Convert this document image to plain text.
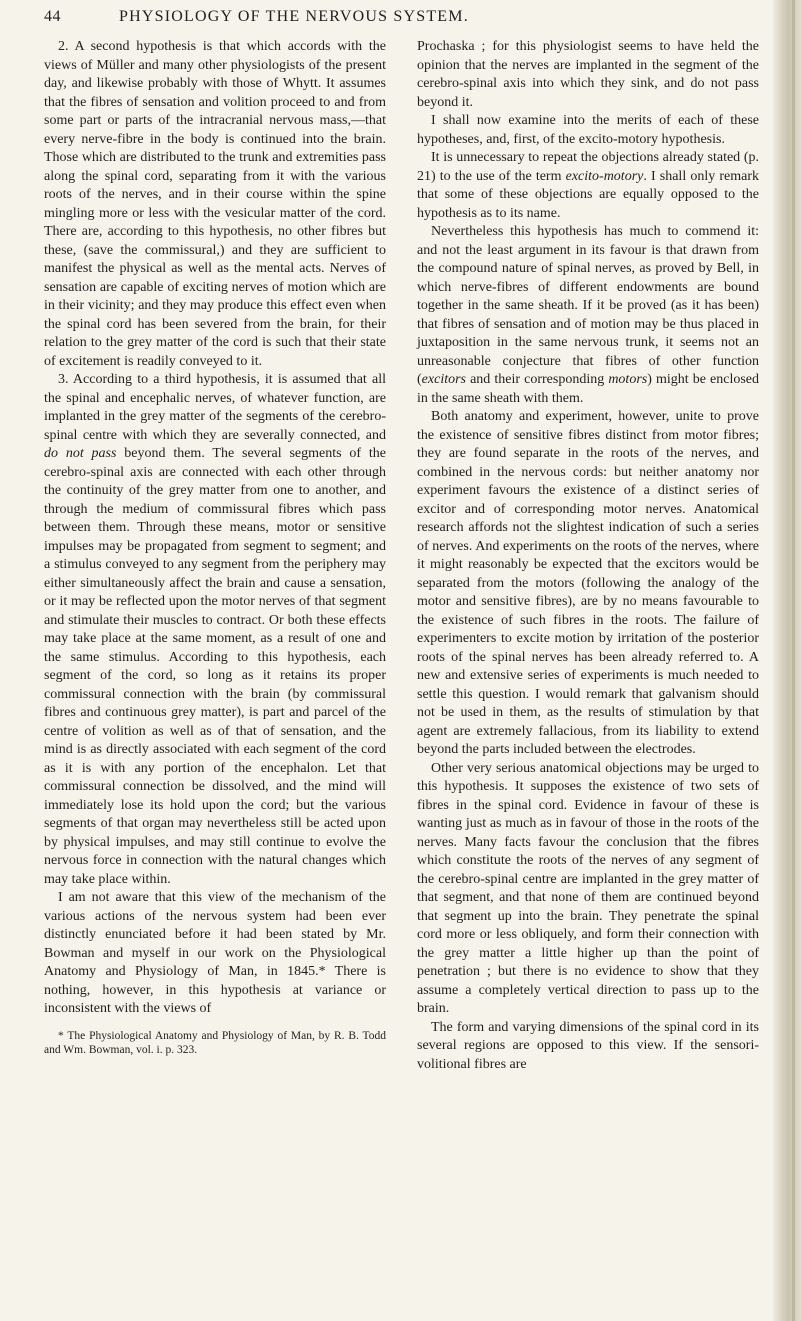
44	PHYSIOLOGY OF THE NERVOUS SYSTEM.

2. A second hypothesis is that which accords with the views of Müller and many other physiologists of the present day, and likewise probably with those of Whytt. It assumes that the fibres of sensation and volition proceed to and from some part or parts of the intracranial nervous mass,—that every nerve-fibre in the body is continued into the brain. Those which are distributed to the trunk and extremities pass along the spinal cord, separating from it with the various roots of the nerves, and in their course within the spine mingling more or less with the vesicular matter of the cord. There are, according to this hypothesis, no other fibres but these, (save the commissural,) and they are sufficient to manifest the physical as well as the mental acts. Nerves of sensation are capable of exciting nerves of motion which are in their vicinity; and they may produce this effect even when the spinal cord has been severed from the brain, for their relation to the grey matter of the cord is such that their state of excitement is readily conveyed to it.

3. According to a third hypothesis, it is assumed that all the spinal and encephalic nerves, of whatever function, are implanted in the grey matter of the segments of the cerebro-spinal centre with which they are severally connected, and do not pass beyond them. The several segments of the cerebro-spinal axis are connected with each other through the continuity of the grey matter from one to another, and through the medium of commissural fibres which pass between them. Through these means, motor or sensitive impulses may be propagated from segment to segment; and a stimulus conveyed to any segment from the periphery may either simultaneously affect the brain and cause a sensation, or it may be reflected upon the motor nerves of that segment and stimulate their muscles to contract. Or both these effects may take place at the same moment, as a result of one and the same stimulus. According to this hypothesis, each segment of the cord, so long as it retains its proper commissural connection with the brain (by commissural fibres and continuous grey matter), is part and parcel of the centre of volition as well as of that of sensation, and the mind is as directly associated with each segment of the cord as it is with any portion of the encephalon. Let that commissural connection be dissolved, and the mind will immediately lose its hold upon the cord; but the various segments of that organ may nevertheless still be acted upon by physical impulses, and may still continue to evolve the nervous force in connection with the natural changes which may take place within.

I am not aware that this view of the mechanism of the various actions of the nervous system had been ever distinctly enunciated before it had been stated by Mr. Bowman and myself in our work on the Physiological Anatomy and Physiology of Man, in 1845.* There is nothing, however, in this hypothesis at variance or inconsistent with the views of

* The Physiological Anatomy and Physiology of Man, by R. B. Todd and Wm. Bowman, vol. i. p. 323.

Prochaska ; for this physiologist seems to have held the opinion that the nerves are implanted in the segment of the cerebro-spinal axis into which they sink, and do not pass beyond it.

I shall now examine into the merits of each of these hypotheses, and, first, of the excito-motory hypothesis.

It is unnecessary to repeat the objections already stated (p. 21) to the use of the term excito-motory. I shall only remark that some of these objections are equally opposed to the hypothesis as to its name.

Nevertheless this hypothesis has much to commend it: and not the least argument in its favour is that drawn from the compound nature of spinal nerves, as proved by Bell, in which nerve-fibres of different endowments are bound together in the same sheath. If it be proved (as it has been) that fibres of sensation and of motion may be thus placed in juxtaposition in the same nervous trunk, it seems not an unreasonable conjecture that fibres of other function (excitors and their corresponding motors) might be enclosed in the same sheath with them.

Both anatomy and experiment, however, unite to prove the existence of sensitive fibres distinct from motor fibres; they are found separate in the roots of the nerves, and combined in the nervous cords: but neither anatomy nor experiment favours the existence of a distinct series of excitor and of corresponding motor nerves. Anatomical research affords not the slightest indication of such a series of nerves. And experiments on the roots of the nerves, where it might reasonably be expected that the excitors would be separated from the motors (following the analogy of the motor and sensitive fibres), are by no means favourable to the existence of such fibres in the roots. The failure of experimenters to excite motion by irritation of the posterior roots of the spinal nerves has been already referred to. A new and extensive series of experiments is much needed to settle this question. I would remark that galvanism should not be used in them, as the results of stimulation by that agent are extremely fallacious, from its liability to extend beyond the parts included between the electrodes.

Other very serious anatomical objections may be urged to this hypothesis. It supposes the existence of two sets of fibres in the spinal cord. Evidence in favour of these is wanting just as much as in favour of those in the roots of the nerves. Many facts favour the conclusion that the fibres which constitute the roots of the nerves of any segment of the cerebro-spinal centre are implanted in the grey matter of that segment, and that none of them are continued beyond that segment up into the brain. They penetrate the spinal cord more or less obliquely, and form their connection with the grey matter a little higher up than the point of penetration ; but there is no evidence to show that they assume a completely vertical direction to pass up to the brain.

The form and varying dimensions of the spinal cord in its several regions are opposed to this view. If the sensori-volitional fibres are
